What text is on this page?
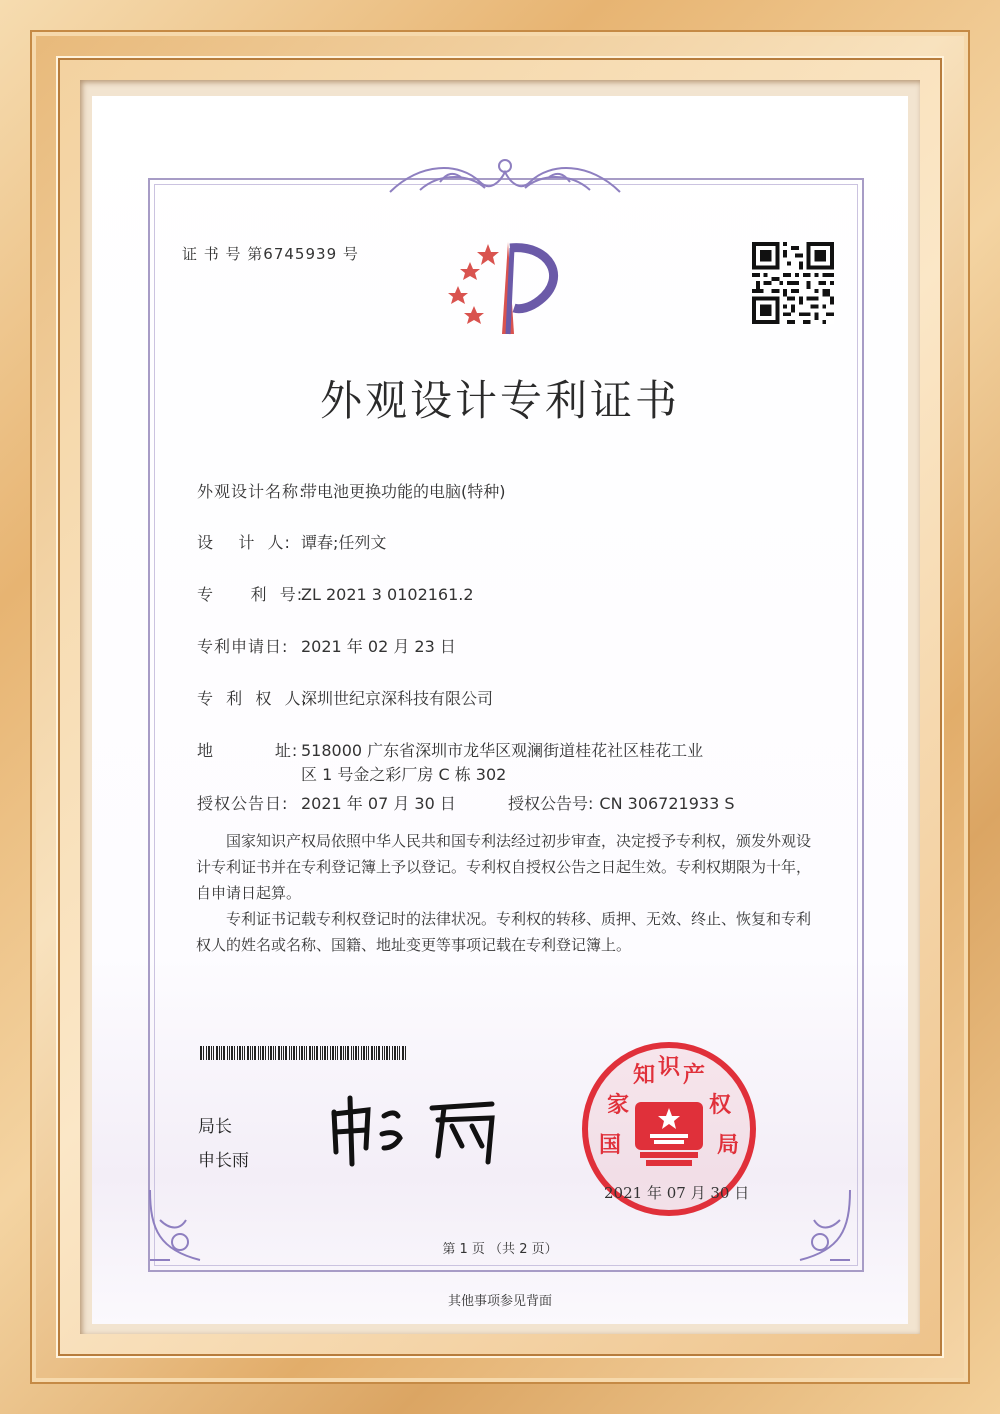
证 书 号 第6745939 号
外观设计专利证书
外观设计名称:带电池更换功能的电脑(特种)
设    计  人: 谭春;任列文
专      利  号:ZL 2021 3 0102161.2
专利申请日: 2021 年 02 月 23 日
专  利  权  人:深圳世纪京深科技有限公司
地          址: 518000 广东省深圳市龙华区观澜街道桂花社区桂花工业
区 1 号金之彩厂房 C 栋 302
授权公告日: 2021 年 07 月 30 日	授权公告号: CN 306721933 S

国家知识产权局依照中华人民共和国专利法经过初步审查，决定授予专利权，颁发外观设计专利证书并在专利登记簿上予以登记。专利权自授权公告之日起生效。专利权期限为十年，自申请日起算。

专利证书记载专利权登记时的法律状况。专利权的转移、质押、无效、终止、恢复和专利权人的姓名或名称、国籍、地址变更等事项记载在专利登记簿上。

局长
申长雨
国
家
知 识 产
权
局
2021 年 07 月 30 日
第 1 页 （共 2 页）
其他事项参见背面
